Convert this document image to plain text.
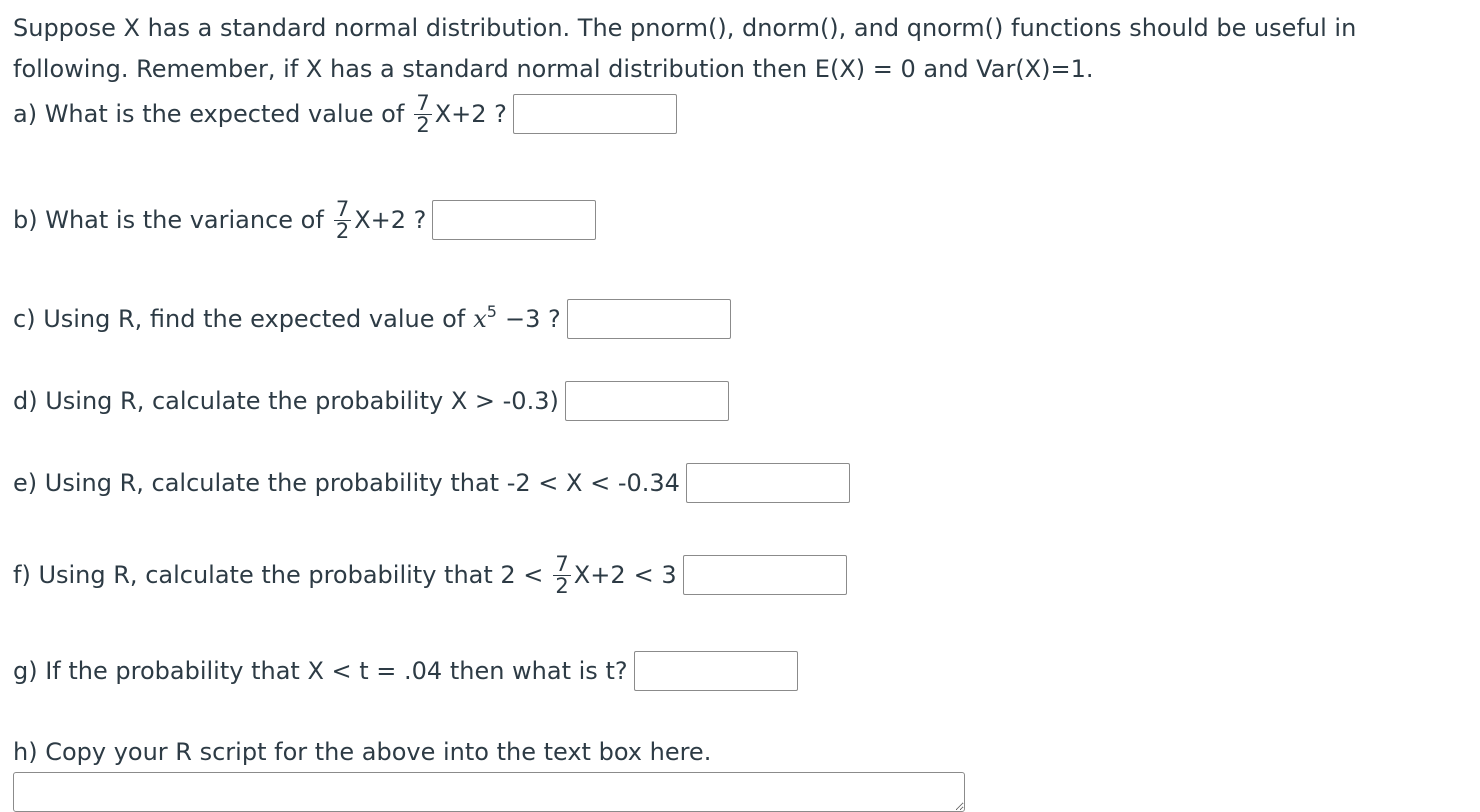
Suppose X has a standard normal distribution. The pnorm(), dnorm(), and qnorm() functions should be useful in
following. Remember, if X has a standard normal distribution then E(X) = 0 and Var(X)=1.
a) What is the expected value of $\frac{7}{2} X+2$ ?
b) What is the variance of $\frac{7}{2} X+2$ ?
c) Using R, find the expected value of $x^5 -3$ ?
d) Using R, calculate the probability X > -0.3)
e) Using R, calculate the probability that -2 < X < -0.34
f) Using R, calculate the probability that $2 < \frac{7}{2} X+2 < 3$
g) If the probability that X < t = .04 then what is t?
h) Copy your R script for the above into the text box here.
